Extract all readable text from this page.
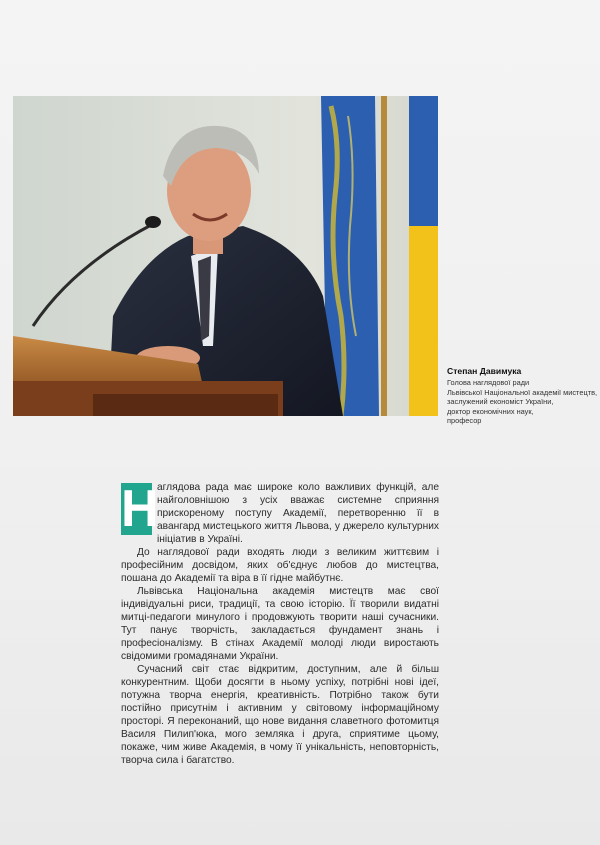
Степан Давимука
Голова наглядової ради
Львівської Національної академії мистецтв,
заслужений економіст України,
доктор економічних наук,
професор

Н
аглядова рада має широке коло важливих функцій, але найголовнішою з усіх вважає системне сприяння прискореному поступу Академії, перетворенню її в авангард мистецького життя Львова, у джерело культурних ініціатив в Україні.

До наглядової ради входять люди з великим життєвим і професійним досвідом, яких об'єднує любов до мистецтва, пошана до Академії та віра в її гідне майбутнє.

Львівська Національна академія мистецтв має свої індивідуальні риси, традиції, та свою історію. Її творили видатні митці-педагоги минулого і продовжують творити наші сучасники. Тут панує творчість, закладається фундамент знань і професіоналізму. В стінах Академії молоді люди виростають свідомими громадянами України.

Сучасний світ стає відкритим, доступним, але й більш конкурентним. Щоби досягти в ньому успіху, потрібні нові ідеї, потужна творча енергія, креативність. Потрібно також бути постійно присутнім і активним у світовому інформаційному просторі. Я переконаний, що нове видання славетного фотомитця Василя Пилип'юка, мого земляка і друга, сприятиме цьому, покаже, чим живе Академія, в чому її унікальність, неповторність, творча сила і багатство.
